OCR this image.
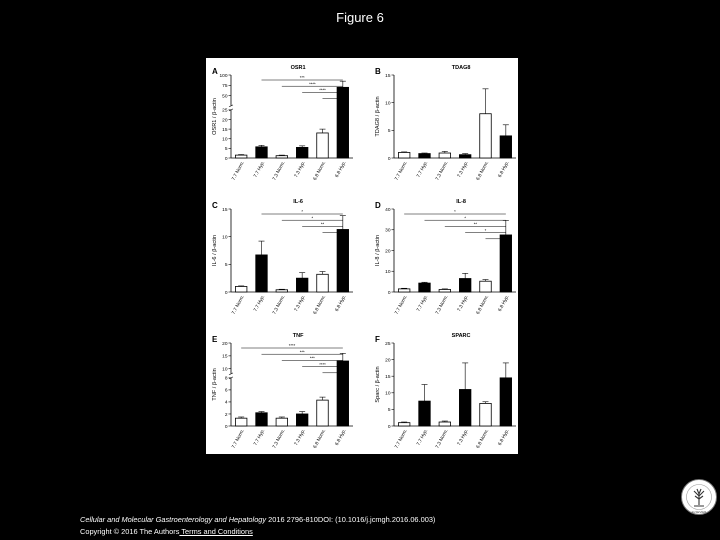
Figure 6
0
5
10
15
20
25
50
75
100
A	OSR1
OSR1 / β-actin
7.7 Norm. 7.7 Hyp. 7.3 Norm. 7.3 Hyp. 6.8 Norm. 6.8 Hyp.
***
****
****
****
0
5
10
15
B	TDAG8
TDAG8 / β-actin
7.7 Norm. 7.7 Hyp. 7.3 Norm. 7.3 Hyp. 6.8 Norm. 6.8 Hyp.
0
5
10
15
C	IL-6
IL-6 / β-actin
7.7 Norm. 7.7 Hyp. 7.3 Norm. 7.3 Hyp. 6.8 Norm. 6.8 Hyp.
*
*
**
**
0
10
20
30
40
D	IL-8
IL-8 / β-actin
7.7 Norm. 7.7 Hyp. 7.3 Norm. 7.3 Hyp. 6.8 Norm. 6.8 Hyp.
*
*
**
*
**
0
2
4
6
8
10
15
20
E	TNF
TNF / β-actin
7.7 Norm. 7.7 Hyp. 7.3 Norm. 7.3 Hyp. 6.8 Norm. 6.8 Hyp.
****
***
***
****
***
0
5
10
15
20
25
F	SPARC
Sparc / β-actin
7.7 Norm. 7.7 Hyp. 7.3 Norm. 7.3 Hyp. 6.8 Norm. 6.8 Hyp.
Cellular and Molecular Gastroenterology and Hepatology 2016 2796-810DOI: (10.1016/j.jcmgh.2016.06.003)
Copyright © 2016 The Authors Terms and Conditions
ELSEVIER
